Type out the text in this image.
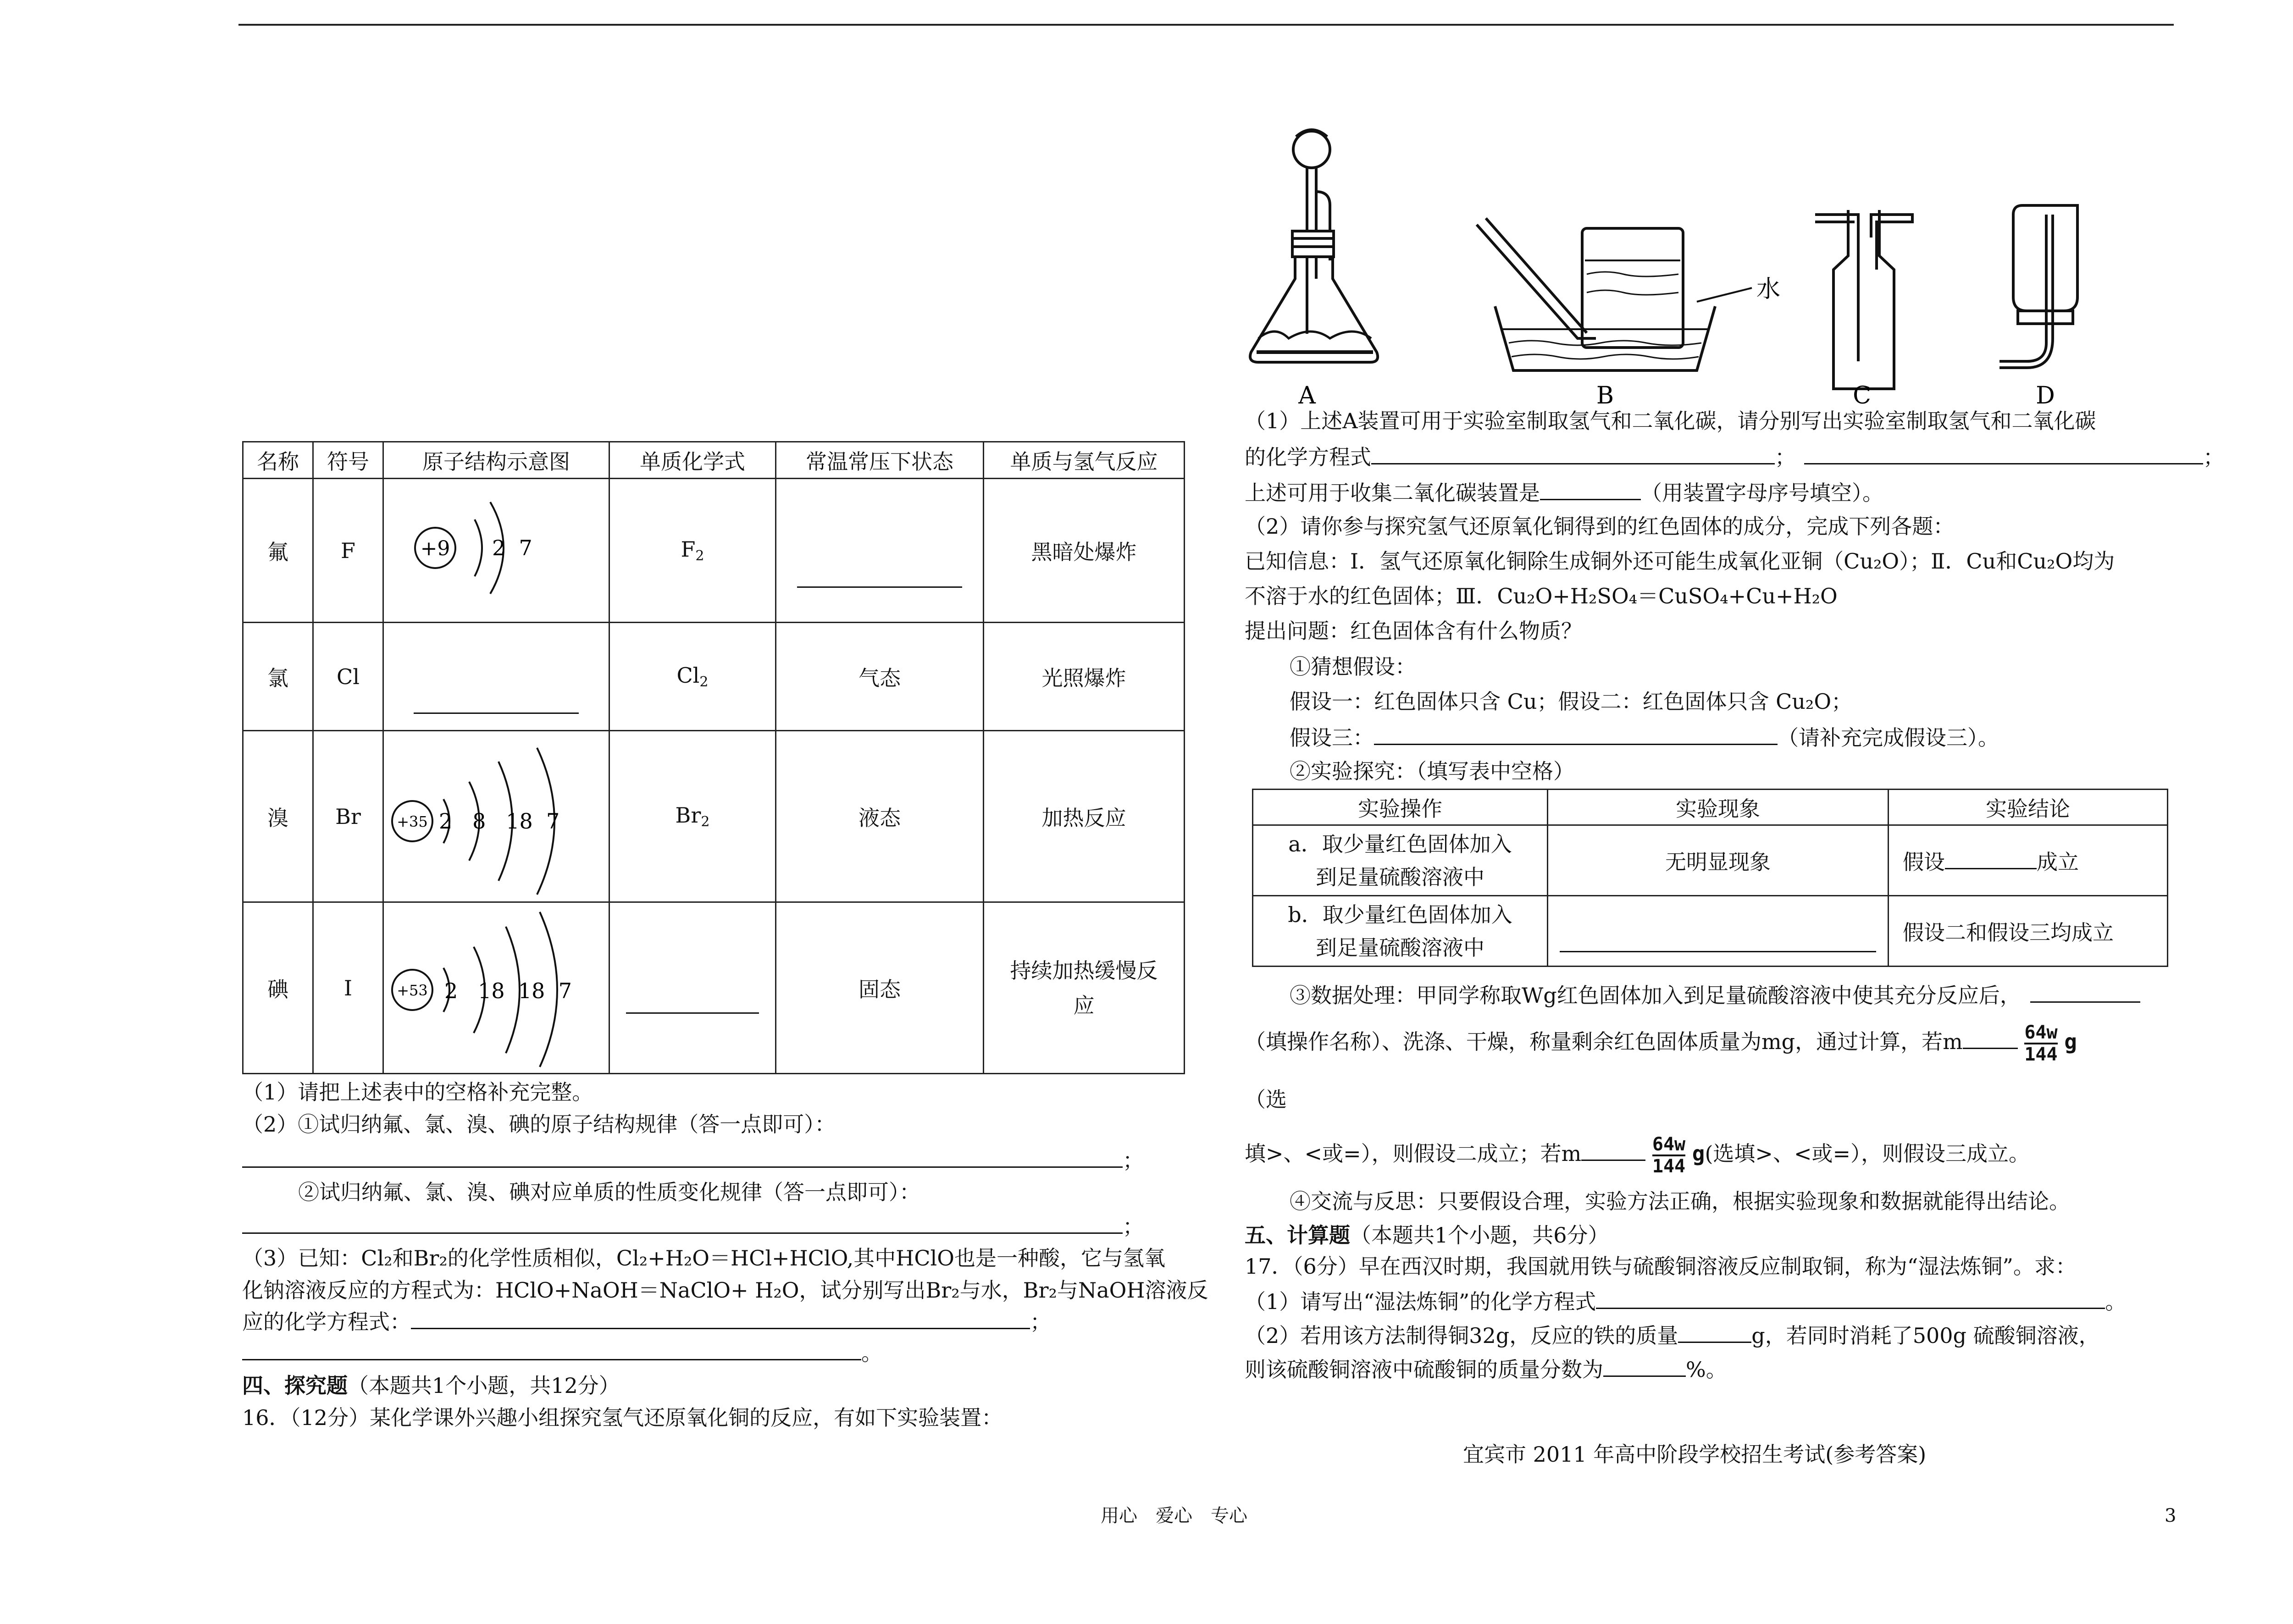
名称	符号	原子结构示意图	单质化学式	常温常压下状态	单质与氢气反应
氟	F	+9 2  7	$F_2$		黑暗处爆炸
氯	Cl		$Cl_2$	气态	光照爆炸
溴	Br	+35 2   8   18  7	$Br_2$	液态	加热反应
碘	I	+53 2   18  18  7		固态	持续加热缓慢反应
（1）请把上述表中的空格补充完整。
（2）①试归纳氟、氯、溴、碘的原子结构规律（答一点即可）：
；
②试归纳氟、氯、溴、碘对应单质的性质变化规律（答一点即可）：
；
（3）已知：Cl₂和Br₂的化学性质相似，Cl₂+H₂O＝HCl+HClO,其中HClO也是一种酸，它与氢氧
化钠溶液反应的方程式为：HClO+NaOH＝NaClO+ H₂O，试分别写出Br₂与水，Br₂与NaOH溶液反
应的化学方程式：	；
。
四、探究题（本题共1个小题，共12分）
16．（12分）某化学课外兴趣小组探究氢气还原氧化铜的反应，有如下实验装置：
水
A	B	C	D
（1）上述A装置可用于实验室制取氢气和二氧化碳，请分别写出实验室制取氢气和二氧化碳
的化学方程式	；	；
上述可用于收集二氧化碳装置是	（用装置字母序号填空）。
（2）请你参与探究氢气还原氧化铜得到的红色固体的成分，完成下列各题：
已知信息：Ⅰ．氢气还原氧化铜除生成铜外还可能生成氧化亚铜（Cu₂O）；Ⅱ．Cu和Cu₂O均为
不溶于水的红色固体；Ⅲ．Cu₂O+H₂SO₄＝CuSO₄+Cu+H₂O
提出问题：红色固体含有什么物质？
①猜想假设：
假设一：红色固体只含 Cu；假设二：红色固体只含 Cu₂O；
假设三：	（请补充完成假设三）。
②实验探究：（填写表中空格）
实验操作	实验现象	实验结论

a．取少量红色固体加入
到足量硫酸溶液中	无明显现象	假设 成立

b．取少量红色固体加入
到足量硫酸溶液中		假设二和假设三均成立
③数据处理：甲同学称取Wg红色固体加入到足量硫酸溶液中使其充分反应后，
（填操作名称）、洗涤、干燥，称量剩余红色固体质量为mg，通过计算，若m	$\frac{64w}{144}$ g
（选
填>、<或=），则假设二成立；若m	$\frac{64w}{144} g$(选填>、<或=），则假设三成立。
④交流与反思：只要假设合理，实验方法正确，根据实验现象和数据就能得出结论。
五、计算题（本题共1个小题，共6分）
17．（6分）早在西汉时期，我国就用铁与硫酸铜溶液反应制取铜，称为“湿法炼铜”。求：
（1）请写出“湿法炼铜”的化学方程式	。
（2）若用该方法制得铜32g，反应的铁的质量	g，若同时消耗了500g 硫酸铜溶液，
则该硫酸铜溶液中硫酸铜的质量分数为	%。
宜宾市 2011 年高中阶段学校招生考试(参考答案)
用心　爱心　专心	3
